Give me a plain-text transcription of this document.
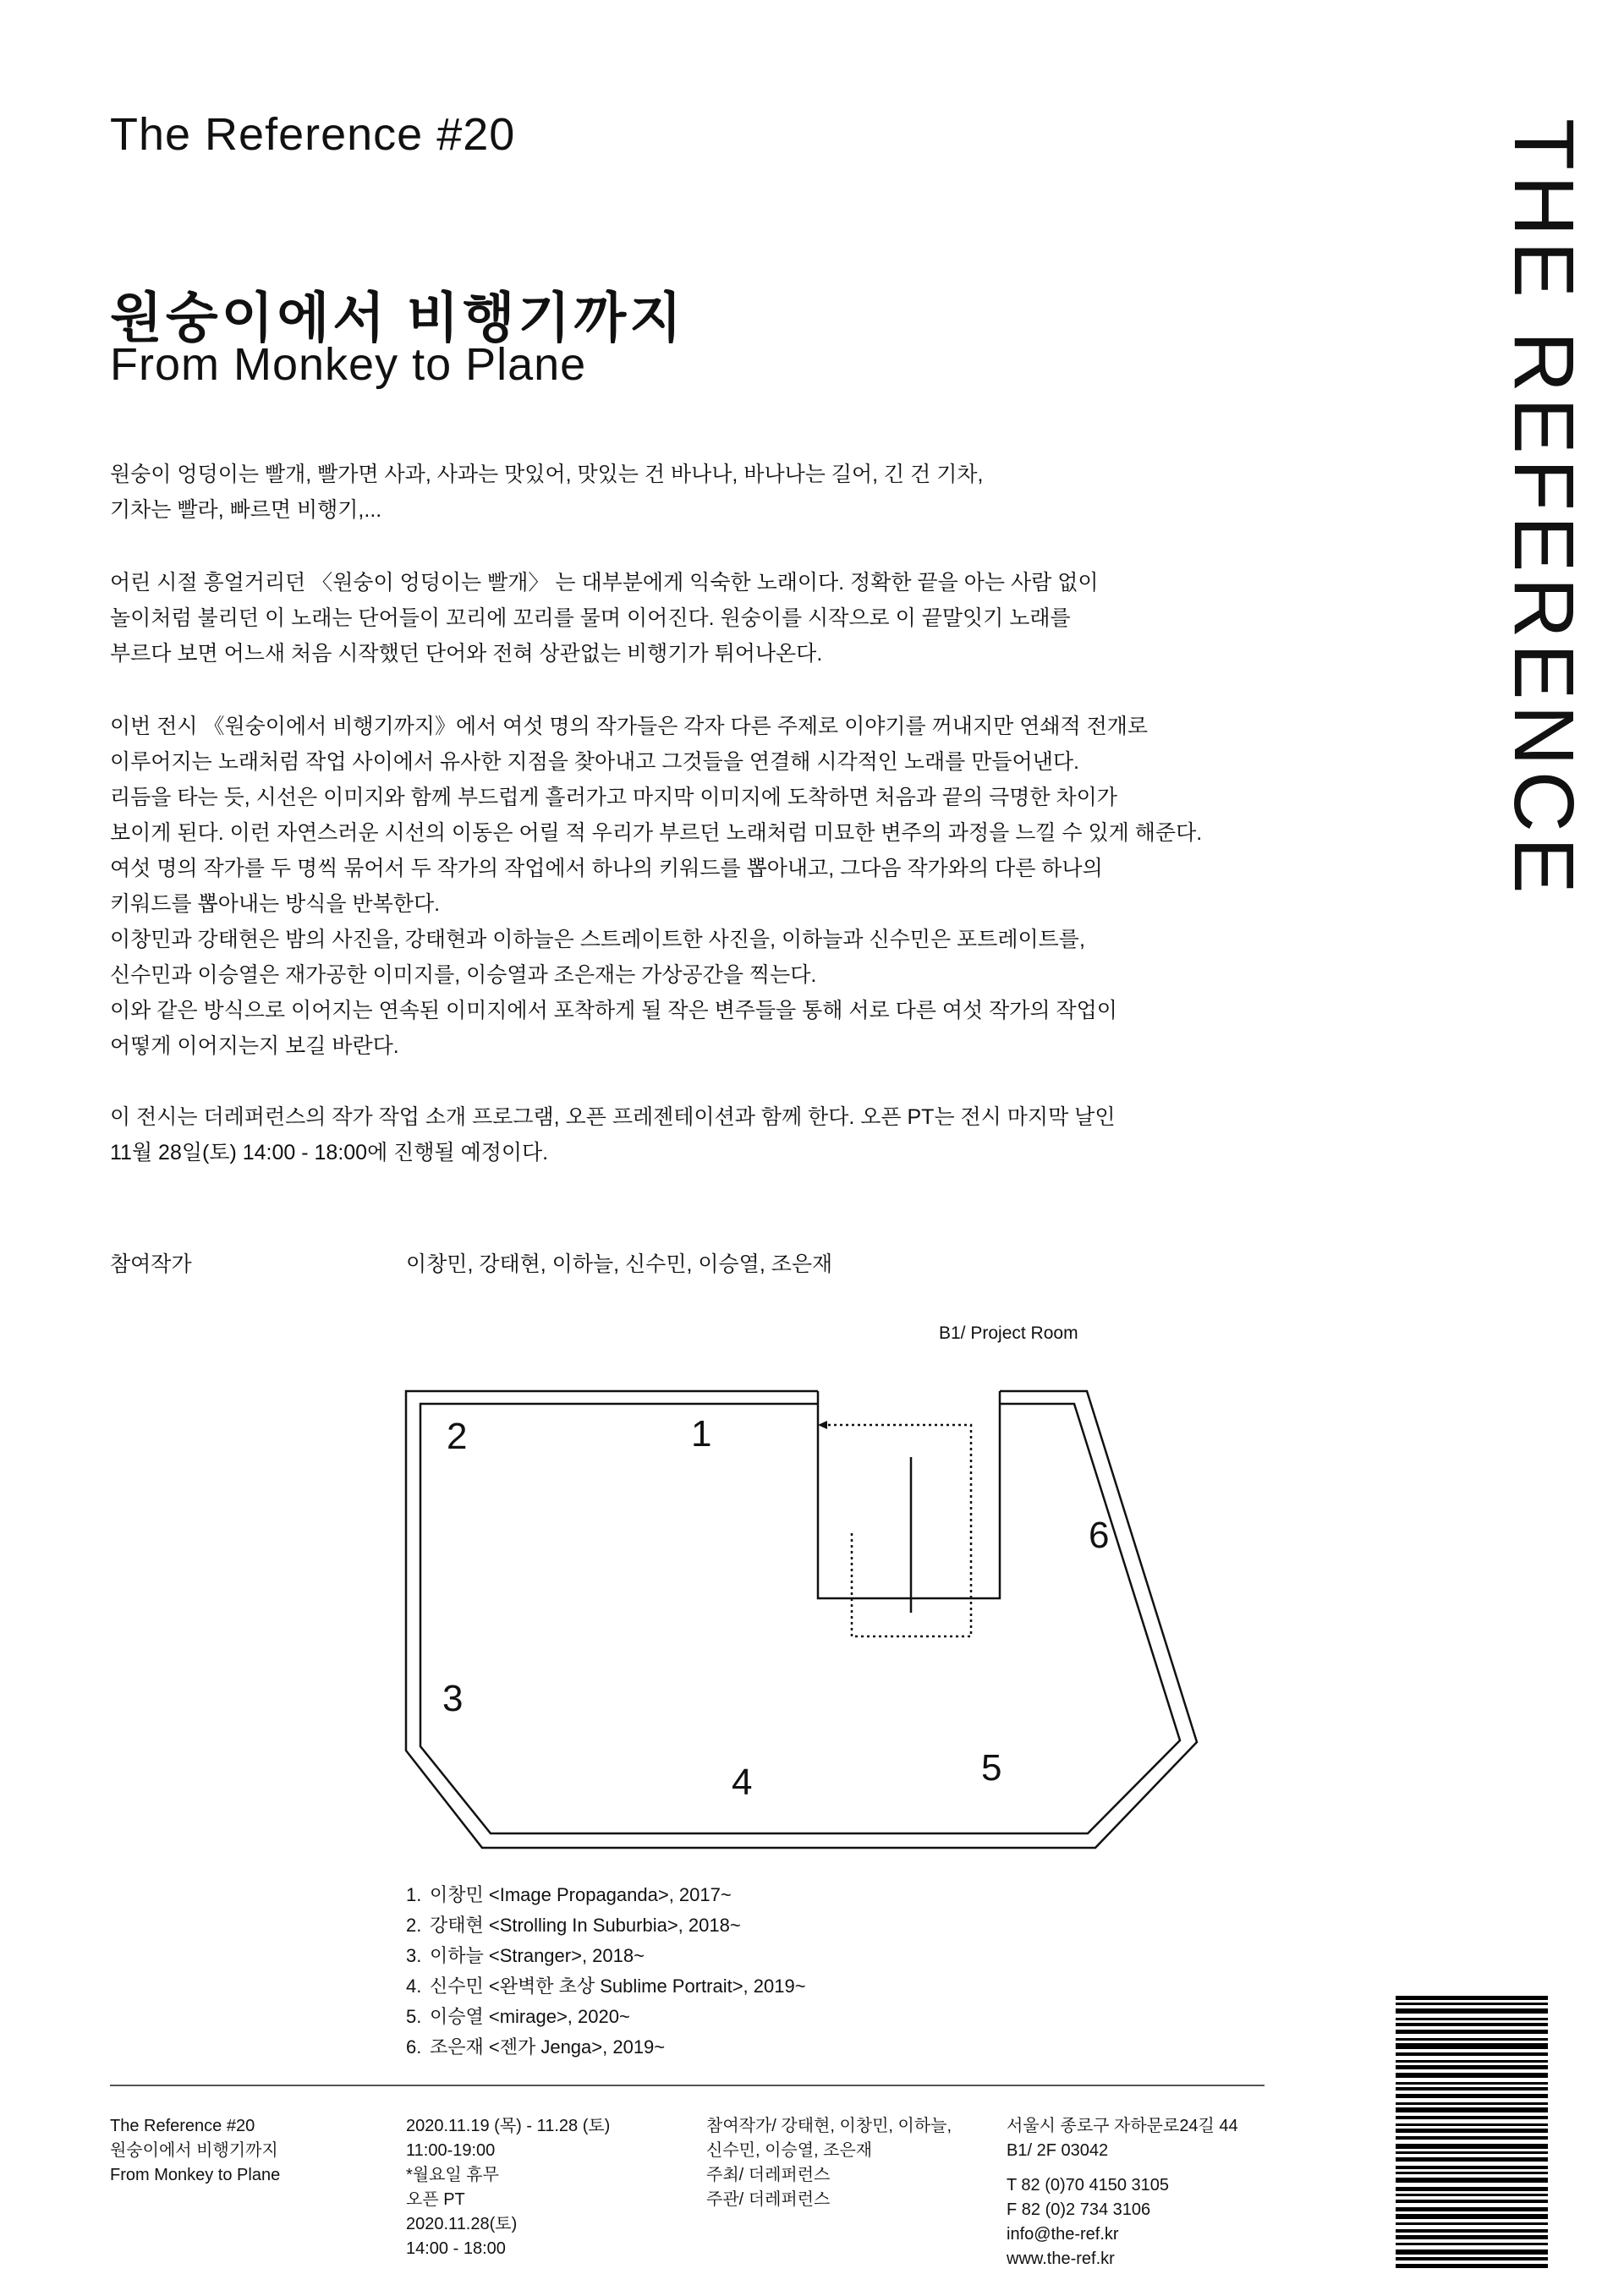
The Reference #20	THE REFERENCE
원숭이에서 비행기까지
From Monkey to Plane

원숭이 엉덩이는 빨개, 빨가면 사과, 사과는 맛있어, 맛있는 건 바나나, 바나나는 길어, 긴 건 기차,

기차는 빨라, 빠르면 비행기,...

어린 시절 흥얼거리던 〈원숭이 엉덩이는 빨개〉 는 대부분에게 익숙한 노래이다. 정확한 끝을 아는 사람 없이

놀이처럼 불리던 이 노래는 단어들이 꼬리에 꼬리를 물며 이어진다. 원숭이를 시작으로 이 끝말잇기 노래를

부르다 보면 어느새 처음 시작했던 단어와 전혀 상관없는 비행기가 튀어나온다.

이번 전시 《원숭이에서 비행기까지》에서 여섯 명의 작가들은 각자 다른 주제로 이야기를 꺼내지만 연쇄적 전개로

이루어지는 노래처럼 작업 사이에서 유사한 지점을 찾아내고 그것들을 연결해 시각적인 노래를 만들어낸다.

리듬을 타는 듯, 시선은 이미지와 함께 부드럽게 흘러가고 마지막 이미지에 도착하면 처음과 끝의 극명한 차이가

보이게 된다. 이런 자연스러운 시선의 이동은 어릴 적 우리가 부르던 노래처럼 미묘한 변주의 과정을 느낄 수 있게 해준다.

여섯 명의 작가를 두 명씩 묶어서 두 작가의 작업에서 하나의 키워드를 뽑아내고, 그다음 작가와의 다른 하나의

키워드를 뽑아내는 방식을 반복한다.

이창민과 강태현은 밤의 사진을, 강태현과 이하늘은 스트레이트한 사진을, 이하늘과 신수민은 포트레이트를,

신수민과 이승열은 재가공한 이미지를, 이승열과 조은재는 가상공간을 찍는다.

이와 같은 방식으로 이어지는 연속된 이미지에서 포착하게 될 작은 변주들을 통해 서로 다른 여섯 작가의 작업이

어떻게 이어지는지 보길 바란다.

이 전시는 더레퍼런스의 작가 작업 소개 프로그램, 오픈 프레젠테이션과 함께 한다. 오픈 PT는 전시 마지막 날인

11월 28일(토) 14:00 - 18:00에 진행될 예정이다.

참여작가	이창민, 강태현, 이하늘, 신수민, 이승열, 조은재
B1/ Project Room
2	1
6
3
4	5
1. 이창민 <Image Propaganda>, 2017~
2. 강태현 <Strolling In Suburbia>, 2018~
3. 이하늘 <Stranger>, 2018~
4. 신수민 <완벽한 초상 Sublime Portrait>, 2019~
5. 이승열 <mirage>, 2020~
6. 조은재 <젠가 Jenga>, 2019~
The Reference #20
원숭이에서 비행기까지
From Monkey to Plane
2020.11.19 (목) - 11.28 (토)
11:00-19:00
*월요일 휴무
오픈 PT
2020.11.28(토)
14:00 - 18:00
참여작가/ 강태현, 이창민, 이하늘,
신수민, 이승열, 조은재
주최/ 더레퍼런스
주관/ 더레퍼런스
서울시 종로구 자하문로24길 44
B1/ 2F 03042
T 82 (0)70 4150 3105
F 82 (0)2 734 3106
info@the-ref.kr
www.the-ref.kr
